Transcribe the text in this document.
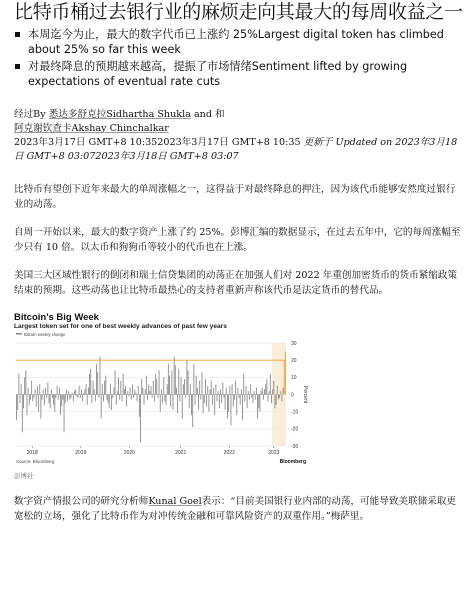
比特币桶过去银行业的麻烦走向其最大的每周收益之一
本周迄今为止，最大的数字代币已上涨约 25%Largest digital token has climbed about 25% so far this week
对最终降息的预期越来越高，提振了市场情绪Sentiment lifted by growing expectations of eventual rate cuts
经过By 悉达多舒克拉Sidhartha Shukla and 和
阿克谢钦查卡Akshay Chinchalkar
2023年3月17日 GMT+8 10:352023年3月17日 GMT+8 10:35 更新于 Updated on 2023年3月18日 GMT+8 03:072023年3月18日 GMT+8 03:07

比特币有望创下近年来最大的单周涨幅之一，这得益于对最终降息的押注，因为该代币能够安然度过银行业的动荡。

自周一开始以来，最大的数字资产上涨了约 25%。彭博汇编的数据显示，在过去五年中，它的每周涨幅至少只有 10 倍。以太币和狗狗币等较小的代币也在上涨。

美国三大区域性银行的倒闭和瑞士信贷集团的动荡正在加强人们对 2022 年重创加密货币的货币紧缩政策结束的预期。这些动荡也让比特币最热心的支持者重新声称该代币是法定货币的替代品。

Bitcoin's Big Week
Largest token set for one of best weekly advances of past few years
Bitcoin weekly change
30
20
10
0
-10
-20
-30
Percent
2018	2019	2020	2021	2022	2023
Source: Bloomberg	Bloomberg
彭博社

数字资产情报公司的研究分析师Kunal Goel表示：“目前美国银行业内部的动荡，可能导致美联储采取更宽松的立场，强化了比特币作为对冲传统金融和可靠风险资产的双重作用。”梅萨里。
